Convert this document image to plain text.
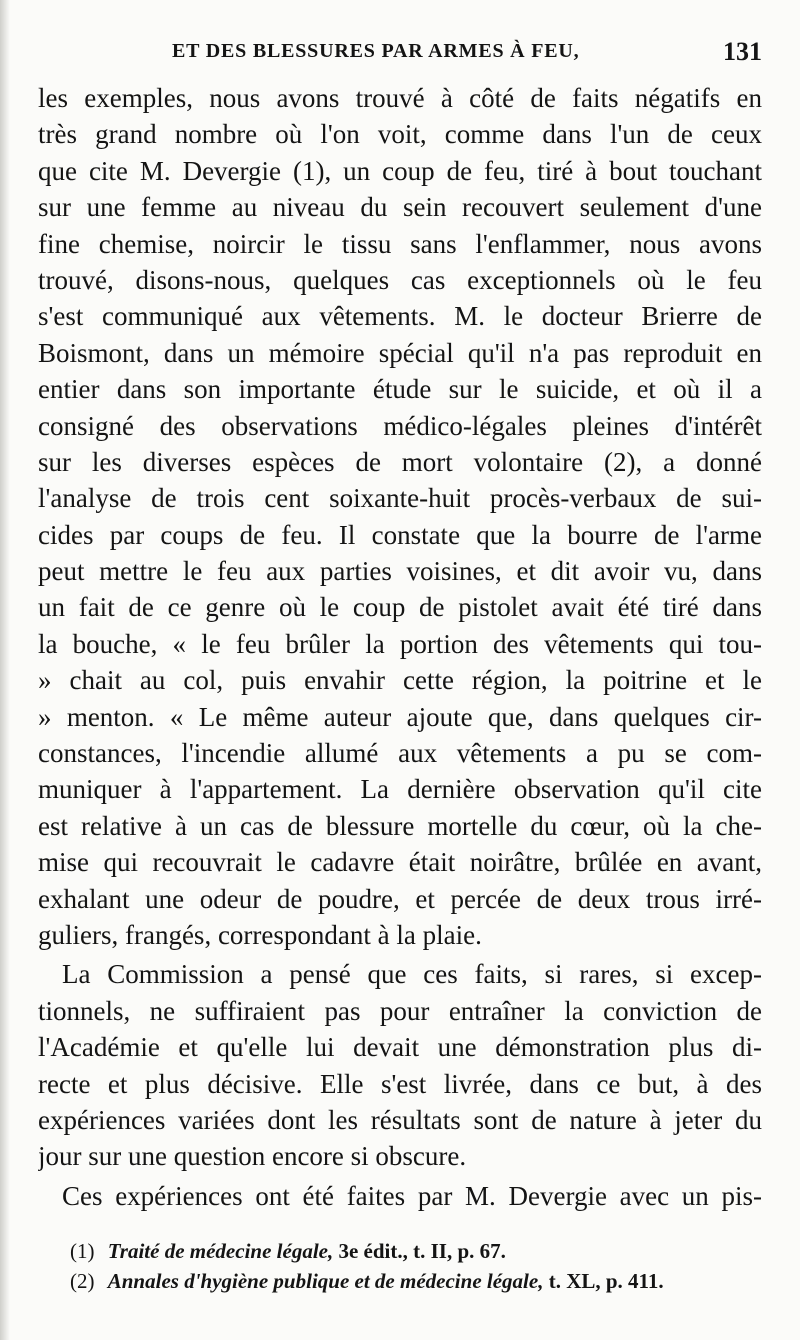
ET DES BLESSURES PAR ARMES À FEU,	131
les exemples, nous avons trouvé à côté de faits négatifs en
très grand nombre où l'on voit, comme dans l'un de ceux
que cite M. Devergie (1), un coup de feu, tiré à bout touchant
sur une femme au niveau du sein recouvert seulement d'une
fine chemise, noircir le tissu sans l'enflammer, nous avons
trouvé, disons-nous, quelques cas exceptionnels où le feu
s'est communiqué aux vêtements. M. le docteur Brierre de
Boismont, dans un mémoire spécial qu'il n'a pas reproduit en
entier dans son importante étude sur le suicide, et où il a
consigné des observations médico-légales pleines d'intérêt
sur les diverses espèces de mort volontaire (2), a donné
l'analyse de trois cent soixante-huit procès-verbaux de sui-
cides par coups de feu. Il constate que la bourre de l'arme
peut mettre le feu aux parties voisines, et dit avoir vu, dans
un fait de ce genre où le coup de pistolet avait été tiré dans
la bouche, « le feu brûler la portion des vêtements qui tou-
» chait au col, puis envahir cette région, la poitrine et le
» menton. « Le même auteur ajoute que, dans quelques cir-
constances, l'incendie allumé aux vêtements a pu se com-
muniquer à l'appartement. La dernière observation qu'il cite
est relative à un cas de blessure mortelle du cœur, où la che-
mise qui recouvrait le cadavre était noirâtre, brûlée en avant,
exhalant une odeur de poudre, et percée de deux trous irré-
guliers, frangés, correspondant à la plaie.
La Commission a pensé que ces faits, si rares, si excep-
tionnels, ne suffiraient pas pour entraîner la conviction de
l'Académie et qu'elle lui devait une démonstration plus di-
recte et plus décisive. Elle s'est livrée, dans ce but, à des
expériences variées dont les résultats sont de nature à jeter du
jour sur une question encore si obscure.
Ces expériences ont été faites par M. Devergie avec un pis-
(1) Traité de médecine légale, 3e édit., t. II, p. 67.
(2) Annales d'hygiène publique et de médecine légale, t. XL, p. 411.
